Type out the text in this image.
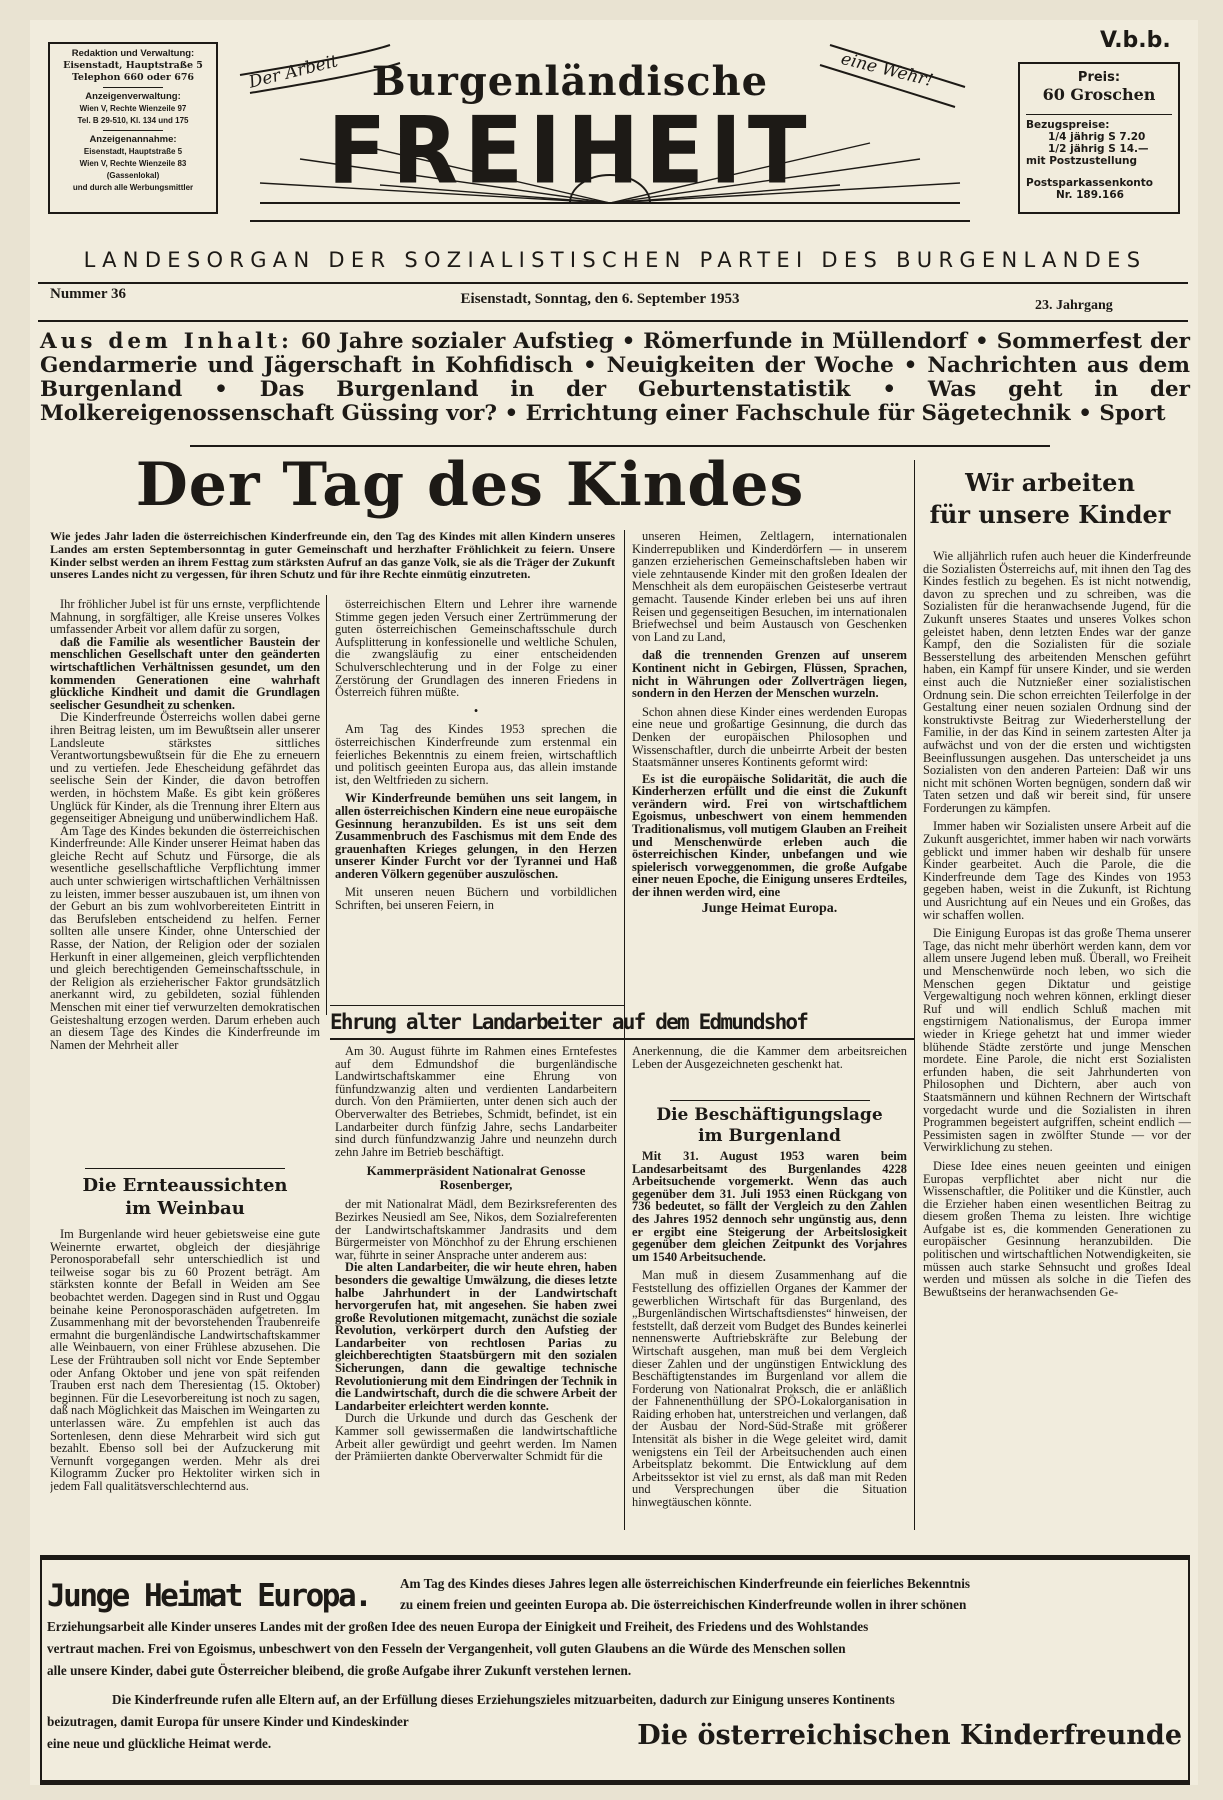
Redaktion und Verwaltung:
Eisenstadt, Hauptstraße 5
Telephon 660 oder 676
Anzeigenverwaltung:
Wien V, Rechte Wienzeile 97
Tel. B 29-510, Kl. 134 und 175
Anzeigenannahme:
Eisenstadt, Hauptstraße 5
Wien V, Rechte Wienzeile 83
(Gassenlokal)
und durch alle Werbungsmittler
Der Arbeit	eine Wehr!
Burgenländische
FREIHEIT
V.b.b.
Preis:
60 Groschen
Bezugspreise:
1/4 jährig S 7.20
1/2 jährig S 14.—
mit Postzustellung
Postsparkassenkonto
Nr. 189.166
LANDESORGAN DER SOZIALISTISCHEN PARTEI DES BURGENLANDES
Nummer 36	Eisenstadt, Sonntag, den 6. September 1953	23. Jahrgang
Aus dem Inhalt: 60 Jahre sozialer Aufstieg • Römerfunde in Müllendorf • Sommerfest der Gendarmerie und Jägerschaft in Kohfidisch • Neuigkeiten der Woche • Nachrichten aus dem Burgenland • Das Burgenland in der Geburtenstatistik • Was geht in der Molkereigenossenschaft Güssing vor? • Errichtung einer Fachschule für Sägetechnik • Sport
Der Tag des Kindes	Wir arbeiten
für unsere Kinder
Wie jedes Jahr laden die österreichischen Kinderfreunde ein, den Tag des Kindes mit allen Kindern unseres Landes am ersten Septembersonntag in guter Gemeinschaft und herzhafter Fröhlichkeit zu feiern. Unsere Kinder selbst werden an ihrem Festtag zum stärksten Aufruf an das ganze Volk, sie als die Träger der Zukunft unseres Landes nicht zu vergessen, für ihren Schutz und für ihre Rechte einmütig einzutreten.

Ihr fröhlicher Jubel ist für uns ernste, verpflichtende Mahnung, in sorgfältiger, alle Kreise unseres Volkes umfassender Arbeit vor allem dafür zu sorgen,

daß die Familie als wesentlicher Baustein der menschlichen Gesellschaft unter den geänderten wirtschaftlichen Verhältnissen gesundet, um den kommenden Generationen eine wahrhaft glückliche Kindheit und damit die Grundlagen seelischer Gesundheit zu schenken.

Die Kinderfreunde Österreichs wollen dabei gerne ihren Beitrag leisten, um im Bewußtsein aller unserer Landsleute stärkstes sittliches Verantwortungsbewußtsein für die Ehe zu erneuern und zu vertiefen. Jede Ehescheidung gefährdet das seelische Sein der Kinder, die davon betroffen werden, in höchstem Maße. Es gibt kein größeres Unglück für Kinder, als die Trennung ihrer Eltern aus gegenseitiger Abneigung und unüberwindlichem Haß.

Am Tage des Kindes bekunden die österreichischen Kinderfreunde: Alle Kinder unserer Heimat haben das gleiche Recht auf Schutz und Fürsorge, die als wesentliche gesellschaftliche Verpflichtung immer auch unter schwierigen wirtschaftlichen Verhältnissen zu leisten, immer besser auszubauen ist, um ihnen von der Geburt an bis zum wohlvorbereiteten Eintritt in das Berufsleben entscheidend zu helfen. Ferner sollten alle unsere Kinder, ohne Unterschied der Rasse, der Nation, der Religion oder der sozialen Herkunft in einer allgemeinen, gleich verpflichtenden und gleich berechtigenden Gemeinschaftsschule, in der Religion als erzieherischer Faktor grundsätzlich anerkannt wird, zu gebildeten, sozial fühlenden Menschen mit einer tief verwurzelten demokratischen Geisteshaltung erzogen werden. Darum erheben auch an diesem Tage des Kindes die Kinderfreunde im Namen der Mehrheit aller

österreichischen Eltern und Lehrer ihre warnende Stimme gegen jeden Versuch einer Zertrümmerung der guten österreichischen Gemeinschaftsschule durch Aufsplitterung in konfessionelle und weltliche Schulen, die zwangsläufig zu einer entscheidenden Schulverschlechterung und in der Folge zu einer Zerstörung der Grundlagen des inneren Friedens in Österreich führen müßte.

•

Am Tag des Kindes 1953 sprechen die österreichischen Kinderfreunde zum erstenmal ein feierliches Bekenntnis zu einem freien, wirtschaftlich und politisch geeinten Europa aus, das allein imstande ist, den Weltfrieden zu sichern.

Wir Kinderfreunde bemühen uns seit langem, in allen österreichischen Kindern eine neue europäische Gesinnung heranzubilden. Es ist uns seit dem Zusammenbruch des Faschismus mit dem Ende des grauenhaften Krieges gelungen, in den Herzen unserer Kinder Furcht vor der Tyrannei und Haß anderen Völkern gegenüber auszulöschen.

Mit unseren neuen Büchern und vorbildlichen Schriften, bei unseren Feiern, in

unseren Heimen, Zeltlagern, internationalen Kinderrepubliken und Kinderdörfern — in unserem ganzen erzieherischen Gemeinschaftsleben haben wir viele zehntausende Kinder mit den großen Idealen der Menschheit als dem europäischen Geisteserbe vertraut gemacht. Tausende Kinder erleben bei uns auf ihren Reisen und gegenseitigen Besuchen, im internationalen Briefwechsel und beim Austausch von Geschenken von Land zu Land,

daß die trennenden Grenzen auf unserem Kontinent nicht in Gebirgen, Flüssen, Sprachen, nicht in Währungen oder Zollverträgen liegen, sondern in den Herzen der Menschen wurzeln.

Schon ahnen diese Kinder eines werdenden Europas eine neue und großartige Gesinnung, die durch das Denken der europäischen Philosophen und Wissenschaftler, durch die unbeirrte Arbeit der besten Staatsmänner unseres Kontinents geformt wird:

Es ist die europäische Solidarität, die auch die Kinderherzen erfüllt und die einst die Zukunft verändern wird. Frei von wirtschaftlichem Egoismus, unbeschwert von einem hemmenden Traditionalismus, voll mutigem Glauben an Freiheit und Menschenwürde erleben auch die österreichischen Kinder, unbefangen und wie spielerisch vorweggenommen, die große Aufgabe einer neuen Epoche, die Einigung unseres Erdteiles, der ihnen werden wird, eine

Junge Heimat Europa.

Wie alljährlich rufen auch heuer die Kinderfreunde die Sozialisten Österreichs auf, mit ihnen den Tag des Kindes festlich zu begehen. Es ist nicht notwendig, davon zu sprechen und zu schreiben, was die Sozialisten für die heranwachsende Jugend, für die Zukunft unseres Staates und unseres Volkes schon geleistet haben, denn letzten Endes war der ganze Kampf, den die Sozialisten für die soziale Besserstellung des arbeitenden Menschen geführt haben, ein Kampf für unsere Kinder, und sie werden einst auch die Nutznießer einer sozialistischen Ordnung sein. Die schon erreichten Teilerfolge in der Gestaltung einer neuen sozialen Ordnung sind der konstruktivste Beitrag zur Wiederherstellung der Familie, in der das Kind in seinem zartesten Alter ja aufwächst und von der die ersten und wichtigsten Beeinflussungen ausgehen. Das unterscheidet ja uns Sozialisten von den anderen Parteien: Daß wir uns nicht mit schönen Worten begnügen, sondern daß wir Taten setzen und daß wir bereit sind, für unsere Forderungen zu kämpfen.

Immer haben wir Sozialisten unsere Arbeit auf die Zukunft ausgerichtet, immer haben wir nach vorwärts geblickt und immer haben wir deshalb für unsere Kinder gearbeitet. Auch die Parole, die die Kinderfreunde dem Tage des Kindes von 1953 gegeben haben, weist in die Zukunft, ist Richtung und Ausrichtung auf ein Neues und ein Großes, das wir schaffen wollen.

Die Einigung Europas ist das große Thema unserer Tage, das nicht mehr überhört werden kann, dem vor allem unsere Jugend leben muß. Überall, wo Freiheit und Menschenwürde noch leben, wo sich die Menschen gegen Diktatur und geistige Vergewaltigung noch wehren können, erklingt dieser Ruf und will endlich Schluß machen mit engstirnigem Nationalismus, der Europa immer wieder in Kriege gehetzt hat und immer wieder blühende Städte zerstörte und junge Menschen mordete. Eine Parole, die nicht erst Sozialisten erfunden haben, die seit Jahrhunderten von Philosophen und Dichtern, aber auch von Staatsmännern und kühnen Rechnern der Wirtschaft vorgedacht wurde und die Sozialisten in ihren Programmen begeistert aufgriffen, scheint endlich — Pessimisten sagen in zwölfter Stunde — vor der Verwirklichung zu stehen.

Diese Idee eines neuen geeinten und einigen Europas verpflichtet aber nicht nur die Wissenschaftler, die Politiker und die Künstler, auch die Erzieher haben einen wesentlichen Beitrag zu diesem großen Thema zu leisten. Ihre wichtige Aufgabe ist es, die kommenden Generationen zu europäischer Gesinnung heranzubilden. Die politischen und wirtschaftlichen Notwendigkeiten, sie müssen auch starke Sehnsucht und großes Ideal werden und müssen als solche in die Tiefen des Bewußtseins der heranwachsenden Ge-

Ehrung alter Landarbeiter auf dem Edmundshof

Am 30. August führte im Rahmen eines Erntefestes auf dem Edmundshof die burgenländische Landwirtschaftskammer eine Ehrung von fünfundzwanzig alten und verdienten Landarbeitern durch. Von den Prämiierten, unter denen sich auch der Oberverwalter des Betriebes, Schmidt, befindet, ist ein Landarbeiter durch fünfzig Jahre, sechs Landarbeiter sind durch fünfundzwanzig Jahre und neunzehn durch zehn Jahre im Betrieb beschäftigt.

Kammerpräsident Nationalrat Genosse Rosenberger,

der mit Nationalrat Mädl, dem Bezirksreferenten des Bezirkes Neusiedl am See, Nikos, dem Sozialreferenten der Landwirtschaftskammer Jandrasits und dem Bürgermeister von Mönchhof zu der Ehrung erschienen war, führte in seiner Ansprache unter anderem aus:

Die alten Landarbeiter, die wir heute ehren, haben besonders die gewaltige Umwälzung, die dieses letzte halbe Jahrhundert in der Landwirtschaft hervorgerufen hat, mit angesehen. Sie haben zwei große Revolutionen mitgemacht, zunächst die soziale Revolution, verkörpert durch den Aufstieg der Landarbeiter von rechtlosen Parias zu gleichberechtigten Staatsbürgern mit den sozialen Sicherungen, dann die gewaltige technische Revolutionierung mit dem Eindringen der Technik in die Landwirtschaft, durch die die schwere Arbeit der Landarbeiter erleichtert werden konnte.

Durch die Urkunde und durch das Geschenk der Kammer soll gewissermaßen die landwirtschaftliche Arbeit aller gewürdigt und geehrt werden. Im Namen der Prämiierten dankte Oberverwalter Schmidt für die

Anerkennung, die die Kammer dem arbeitsreichen Leben der Ausgezeichneten geschenkt hat.
Die Beschäftigungslage
im Burgenland

Mit 31. August 1953 waren beim Landesarbeitsamt des Burgenlandes 4228 Arbeitsuchende vorgemerkt. Wenn das auch gegenüber dem 31. Juli 1953 einen Rückgang von 736 bedeutet, so fällt der Vergleich zu den Zahlen des Jahres 1952 dennoch sehr ungünstig aus, denn er ergibt eine Steigerung der Arbeitslosigkeit gegenüber dem gleichen Zeitpunkt des Vorjahres um 1540 Arbeitsuchende.

Man muß in diesem Zusammenhang auf die Feststellung des offiziellen Organes der Kammer der gewerblichen Wirtschaft für das Burgenland, des „Burgenländischen Wirtschaftsdienstes“ hinweisen, der feststellt, daß derzeit vom Budget des Bundes keinerlei nennenswerte Auftriebskräfte zur Belebung der Wirtschaft ausgehen, man muß bei dem Vergleich dieser Zahlen und der ungünstigen Entwicklung des Beschäftigtenstandes im Burgenland vor allem die Forderung von Nationalrat Proksch, die er anläßlich der Fahnenenthüllung der SPÖ-Lokalorganisation in Raiding erhoben hat, unterstreichen und verlangen, daß der Ausbau der Nord-Süd-Straße mit größerer Intensität als bisher in die Wege geleitet wird, damit wenigstens ein Teil der Arbeitsuchenden auch einen Arbeitsplatz bekommt. Die Entwicklung auf dem Arbeitssektor ist viel zu ernst, als daß man mit Reden und Versprechungen über die Situation hinwegtäuschen könnte.

Die Ernteaussichten
im Weinbau

Im Burgenlande wird heuer gebietsweise eine gute Weinernte erwartet, obgleich der diesjährige Peronosporabefall sehr unterschiedlich ist und teilweise sogar bis zu 60 Prozent beträgt. Am stärksten konnte der Befall in Weiden am See beobachtet werden. Dagegen sind in Rust und Oggau beinahe keine Peronosporaschäden aufgetreten. Im Zusammenhang mit der bevorstehenden Traubenreife ermahnt die burgenländische Landwirtschaftskammer alle Weinbauern, von einer Frühlese abzusehen. Die Lese der Frühtrauben soll nicht vor Ende September oder Anfang Oktober und jene von spät reifenden Trauben erst nach dem Theresientag (15. Oktober) beginnen. Für die Lesevorbereitung ist noch zu sagen, daß nach Möglichkeit das Maischen im Weingarten zu unterlassen wäre. Zu empfehlen ist auch das Sortenlesen, denn diese Mehrarbeit wird sich gut bezahlt. Ebenso soll bei der Aufzuckerung mit Vernunft vorgegangen werden. Mehr als drei Kilogramm Zucker pro Hektoliter wirken sich in jedem Fall qualitätsverschlechternd aus.

Junge Heimat Europa. Am Tag des Kindes dieses Jahres legen alle österreichischen Kinderfreunde ein feierliches Bekenntnis
zu einem freien und geeinten Europa ab. Die österreichischen Kinderfreunde wollen in ihrer schönen
Erziehungsarbeit alle Kinder unseres Landes mit der großen Idee des neuen Europa der Einigkeit und Freiheit, des Friedens und des Wohlstandes
vertraut machen. Frei von Egoismus, unbeschwert von den Fesseln der Vergangenheit, voll guten Glaubens an die Würde des Menschen sollen
alle unsere Kinder, dabei gute Österreicher bleibend, die große Aufgabe ihrer Zukunft verstehen lernen.
Die Kinderfreunde rufen alle Eltern auf, an der Erfüllung dieses Erziehungszieles mitzuarbeiten, dadurch zur Einigung unseres Kontinents
beizutragen, damit Europa für unsere Kinder und Kindeskinder
eine neue und glückliche Heimat werde.	Die österreichischen Kinderfreunde
